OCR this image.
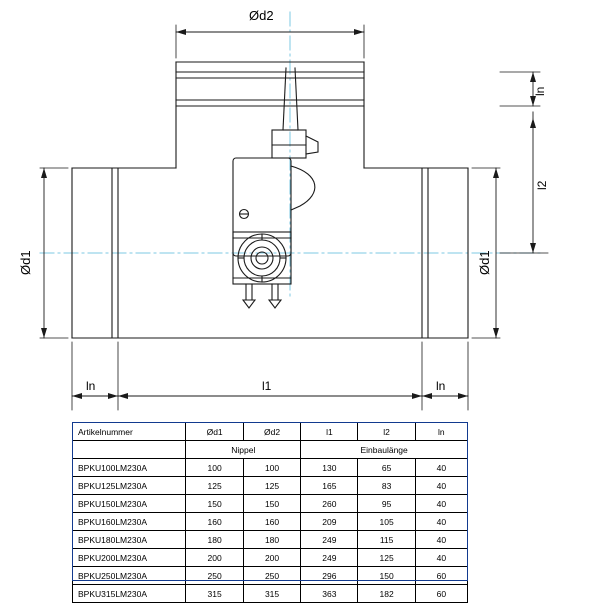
Ød2
ln
l2
Ød1	Ød1
ln	l1	ln
Artikelnummer	Ød1	Ød2	l1	l2	ln

	Nippel		Einbaulänge		
BPKU100LM230A	100	100	130	65	40
BPKU125LM230A	125	125	165	83	40
BPKU150LM230A	150	150	260	95	40
BPKU160LM230A	160	160	209	105	40
BPKU180LM230A	180	180	249	115	40
BPKU200LM230A	200	200	249	125	40
BPKU250LM230A	250	250	296	150	60
BPKU315LM230A	315	315	363	182	60
